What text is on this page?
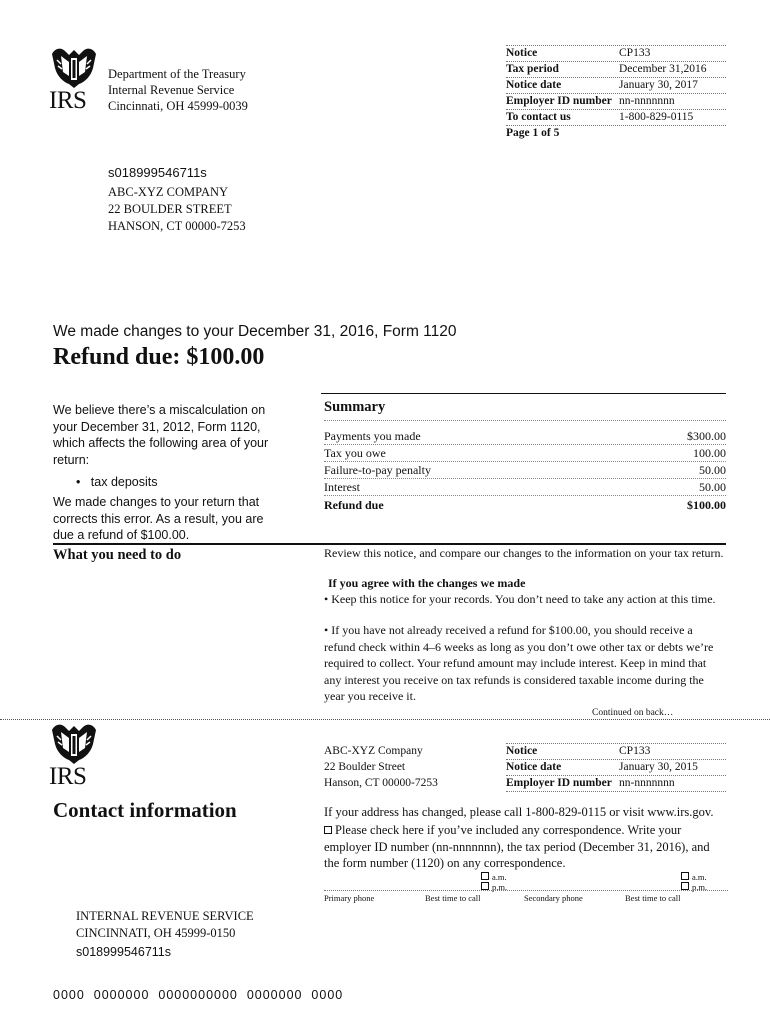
IRS
Department of the Treasury
Internal Revenue Service
Cincinnati, OH 45999-0039
Notice	CP133
Tax period	December 31,2016
Notice date	January 30, 2017
Employer ID number nn-nnnnnnn
To contact us	1-800-829-0115
Page 1 of 5
s018999546711s
ABC-XYZ COMPANY
22 BOULDER STREET
HANSON, CT 00000-7253
We made changes to your December 31, 2016, Form 1120
Refund due: $100.00
We believe there’s a miscalculation on your December 31, 2012, Form 1120, which affects the following area of your return:
•   tax deposits
We made changes to your return that
corrects this error. As a result, you are
due a refund of $100.00.
Summary
Payments you made	$300.00
Tax you owe	100.00
Failure-to-pay penalty	50.00
Interest	50.00
Refund due	$100.00
What you need to do	Review this notice, and compare our changes to the information on your tax return.
If you agree with the changes we made
• Keep this notice for your records. You don’t need to take any action at this time.
• If you have not already received a refund for $100.00, you should receive a refund check within 4–6 weeks as long as you don’t owe other tax or debts we’re required to collect. Your refund amount may include interest. Keep in mind that any interest you receive on tax refunds is considered taxable income during the year you receive it.
Continued on back…
IRS
Contact information
ABC-XYZ Company
22 Boulder Street
Hanson, CT 00000-7253
Notice	CP133
Notice date	January 30, 2015
Employer ID number nn-nnnnnnn
If your address has changed, please call 1-800-829-0115 or visit www.irs.gov.
Please check here if you’ve included any correspondence. Write your employer ID number (nn-nnnnnnn), the tax period (December 31, 2016), and the form number (1120) on any correspondence.
a.m.
p.m.
a.m.
p.m.
Primary phone	Best time to call	Secondary phone	Best time to call
INTERNAL REVENUE SERVICE
CINCINNATI, OH 45999-0150
s018999546711s
0000  0000000  0000000000  0000000  0000
